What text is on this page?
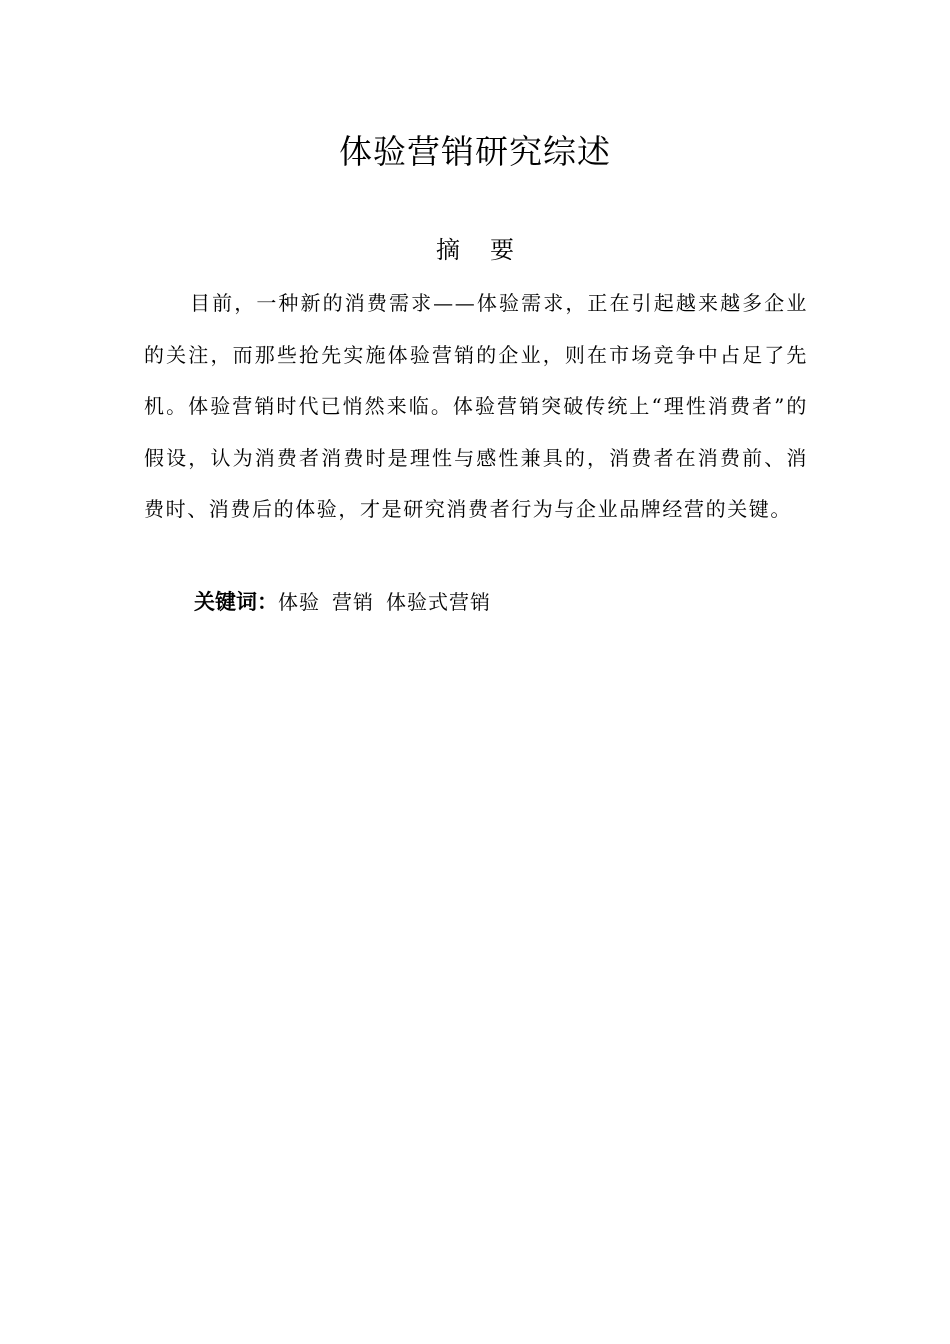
体验营销研究综述
摘 要

目前，一种新的消费需求——体验需求，正在引起越来越多企业的关注，而那些抢先实施体验营销的企业，则在市场竞争中占足了先机。体验营销时代已悄然来临。体验营销突破传统上“理性消费者”的假设，认为消费者消费时是理性与感性兼具的，消费者在消费前、消费时、消费后的体验，才是研究消费者行为与企业品牌经营的关键。

关键词：体验 营销 体验式营销
